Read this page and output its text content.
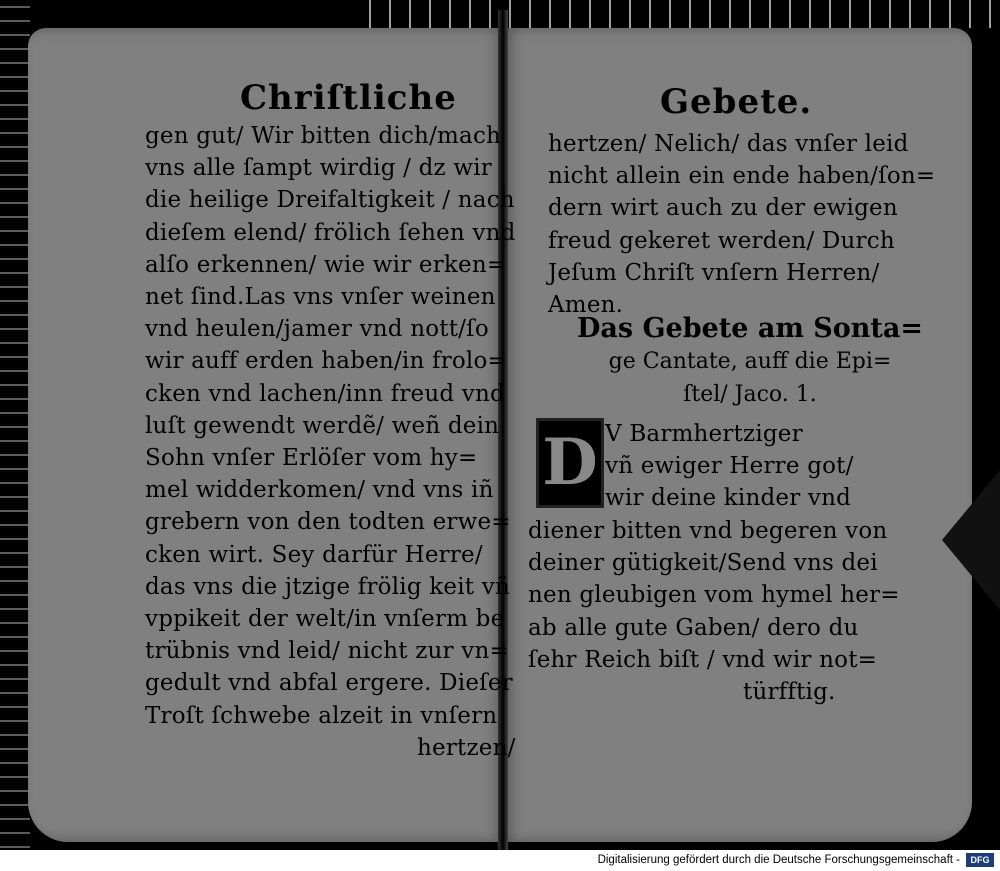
Chriſtliche
gen gut/ Wir bitten dich/mach
vns alle ſampt wirdig / dz wir
die heilige Dreifaltigkeit / nach
dieſem elend/ frölich ſehen vnd
alſo erkennen/ wie wir erken=
net ſind.Las vns vnſer weinen
vnd heulen/jamer vnd nott/ſo
wir auff erden haben/in frolo=
cken vnd lachen/inn freud vnd
luſt gewendt werdẽ/ weñ dein
Sohn vnſer Erlöſer vom hy=
mel widderkomen/ vnd vns iñ
grebern von den todten erwe=
cken wirt. Sey darfür Herre/
das vns die jtzige frölig keit vñ
vppikeit der welt/in vnſerm be
trübnis vnd leid/ nicht zur vn=
gedult vnd abfal ergere. Dieſer
Troſt ſchwebe alzeit in vnſern
hertzen/
Gebete.
hertzen/ Nelich/ das vnſer leid
nicht allein ein ende haben/ſon=
dern wirt auch zu der ewigen
freud gekeret werden/ Durch
Jeſum Chriſt vnſern Herren/
Amen.
Das Gebete am Sonta=
ge Cantate, auff die Epi=
ſtel/ Jaco. 1.
D V Barmhertziger
vñ ewiger Herre got/
wir deine kinder vnd
diener bitten vnd begeren von
deiner gütigkeit/Send vns dei
nen gleubigen vom hymel her=
ab alle gute Gaben/ dero du
ſehr Reich biſt / vnd wir not=
türfftig.
Digitalisierung gefördert durch die Deutsche Forschungsgemeinschaft -	DFG
